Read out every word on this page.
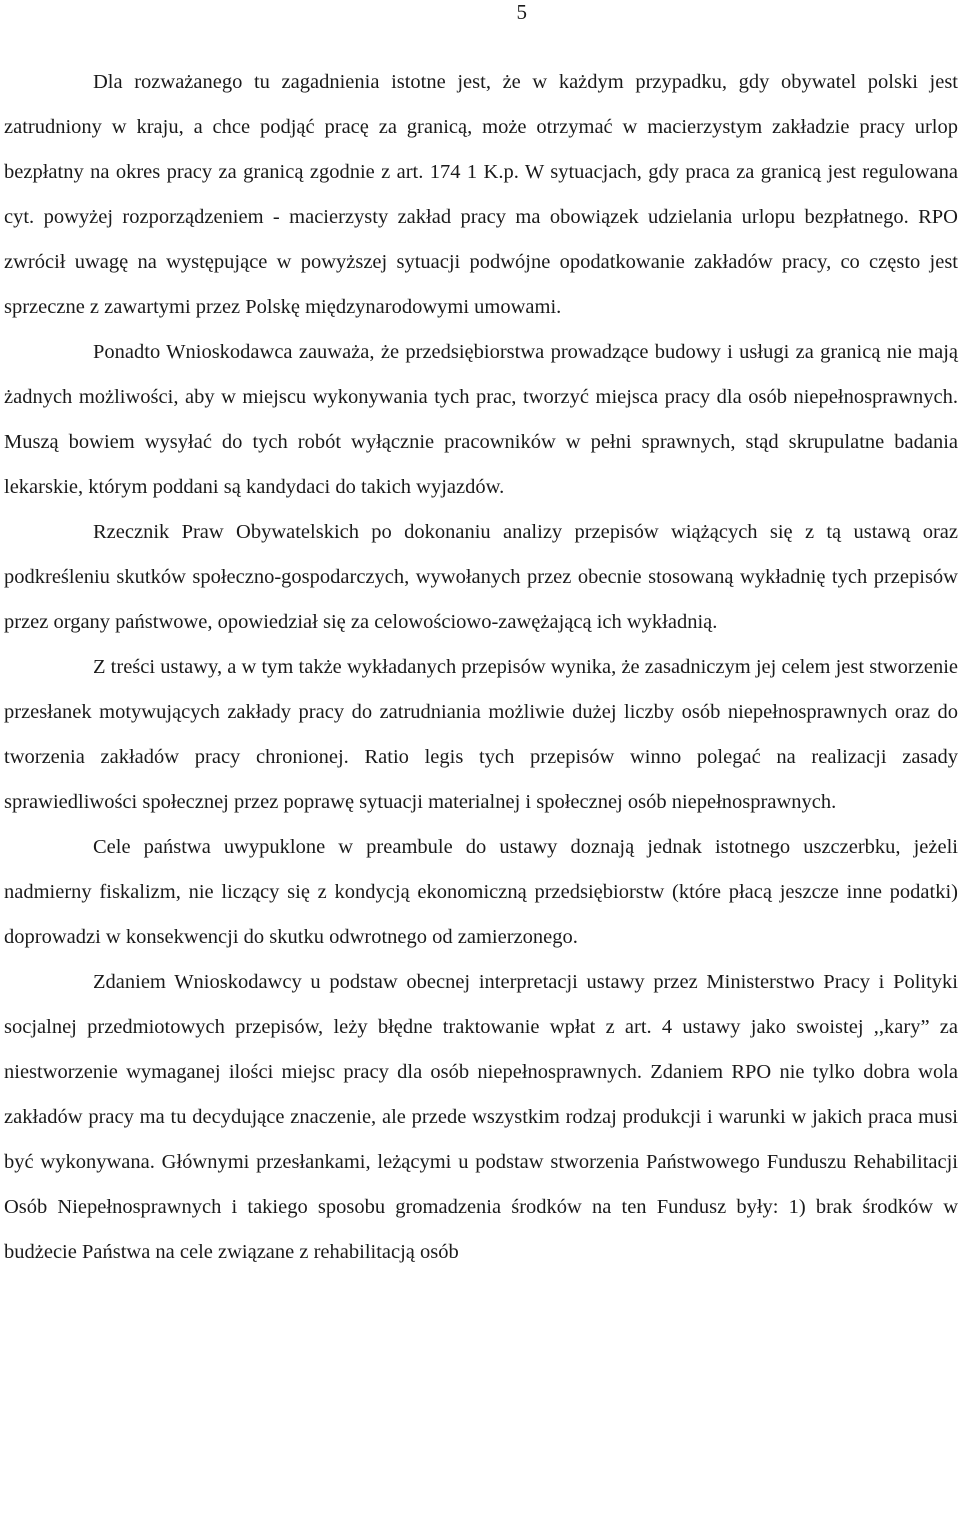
5

Dla rozważanego tu zagadnienia istotne jest, że w każdym przypadku, gdy obywatel polski jest zatrudniony w kraju, a chce podjąć pracę za granicą, może otrzymać w macierzystym zakładzie pracy urlop bezpłatny na okres pracy za granicą zgodnie z art. 174 1 K.p. W sytuacjach, gdy praca za granicą jest regulowana cyt. powyżej rozporządzeniem - macierzysty zakład pracy ma obowiązek udzielania urlopu bezpłatnego. RPO zwrócił uwagę na występujące w powyższej sytuacji podwójne opodatkowanie zakładów pracy, co często jest sprzeczne z zawartymi przez Polskę międzynarodowymi umowami.

Ponadto Wnioskodawca zauważa, że przedsiębiorstwa prowadzące budowy i usługi za granicą nie mają żadnych możliwości, aby w miejscu wykonywania tych prac, tworzyć miejsca pracy dla osób niepełnosprawnych. Muszą bowiem wysyłać do tych robót wyłącznie pracowników w pełni sprawnych, stąd skrupulatne badania lekarskie, którym poddani są kandydaci do takich wyjazdów.

Rzecznik Praw Obywatelskich po dokonaniu analizy przepisów wiążących się z tą ustawą oraz podkreśleniu skutków społeczno-gospodarczych, wywołanych przez obecnie stosowaną wykładnię tych przepisów przez organy państwowe, opowiedział się za celowościowo-zawężającą ich wykładnią.

Z treści ustawy, a w tym także wykładanych przepisów wynika, że zasadniczym jej celem jest stworzenie przesłanek motywujących zakłady pracy do zatrudniania możliwie dużej liczby osób niepełnosprawnych oraz do tworzenia zakładów pracy chronionej. Ratio legis tych przepisów winno polegać na realizacji zasady sprawiedliwości społecznej przez poprawę sytuacji materialnej i społecznej osób niepełnosprawnych.

Cele państwa uwypuklone w preambule do ustawy doznają jednak istotnego uszczerbku, jeżeli nadmierny fiskalizm, nie liczący się z kondycją ekonomiczną przedsiębiorstw (które płacą jeszcze inne podatki) doprowadzi w konsekwencji do skutku odwrotnego od zamierzonego.

Zdaniem Wnioskodawcy u podstaw obecnej interpretacji ustawy przez Ministerstwo Pracy i Polityki socjalnej przedmiotowych przepisów, leży błędne traktowanie wpłat z art. 4 ustawy jako swoistej ,,kary” za niestworzenie wymaganej ilości miejsc pracy dla osób niepełnosprawnych. Zdaniem RPO nie tylko dobra wola zakładów pracy ma tu decydujące znaczenie, ale przede wszystkim rodzaj produkcji i warunki w jakich praca musi być wykonywana. Głównymi przesłankami, leżącymi u podstaw stworzenia Państwowego Funduszu Rehabilitacji Osób Niepełnosprawnych i takiego sposobu gromadzenia środków na ten Fundusz były: 1) brak środków w budżecie Państwa na cele związane z rehabilitacją osób
